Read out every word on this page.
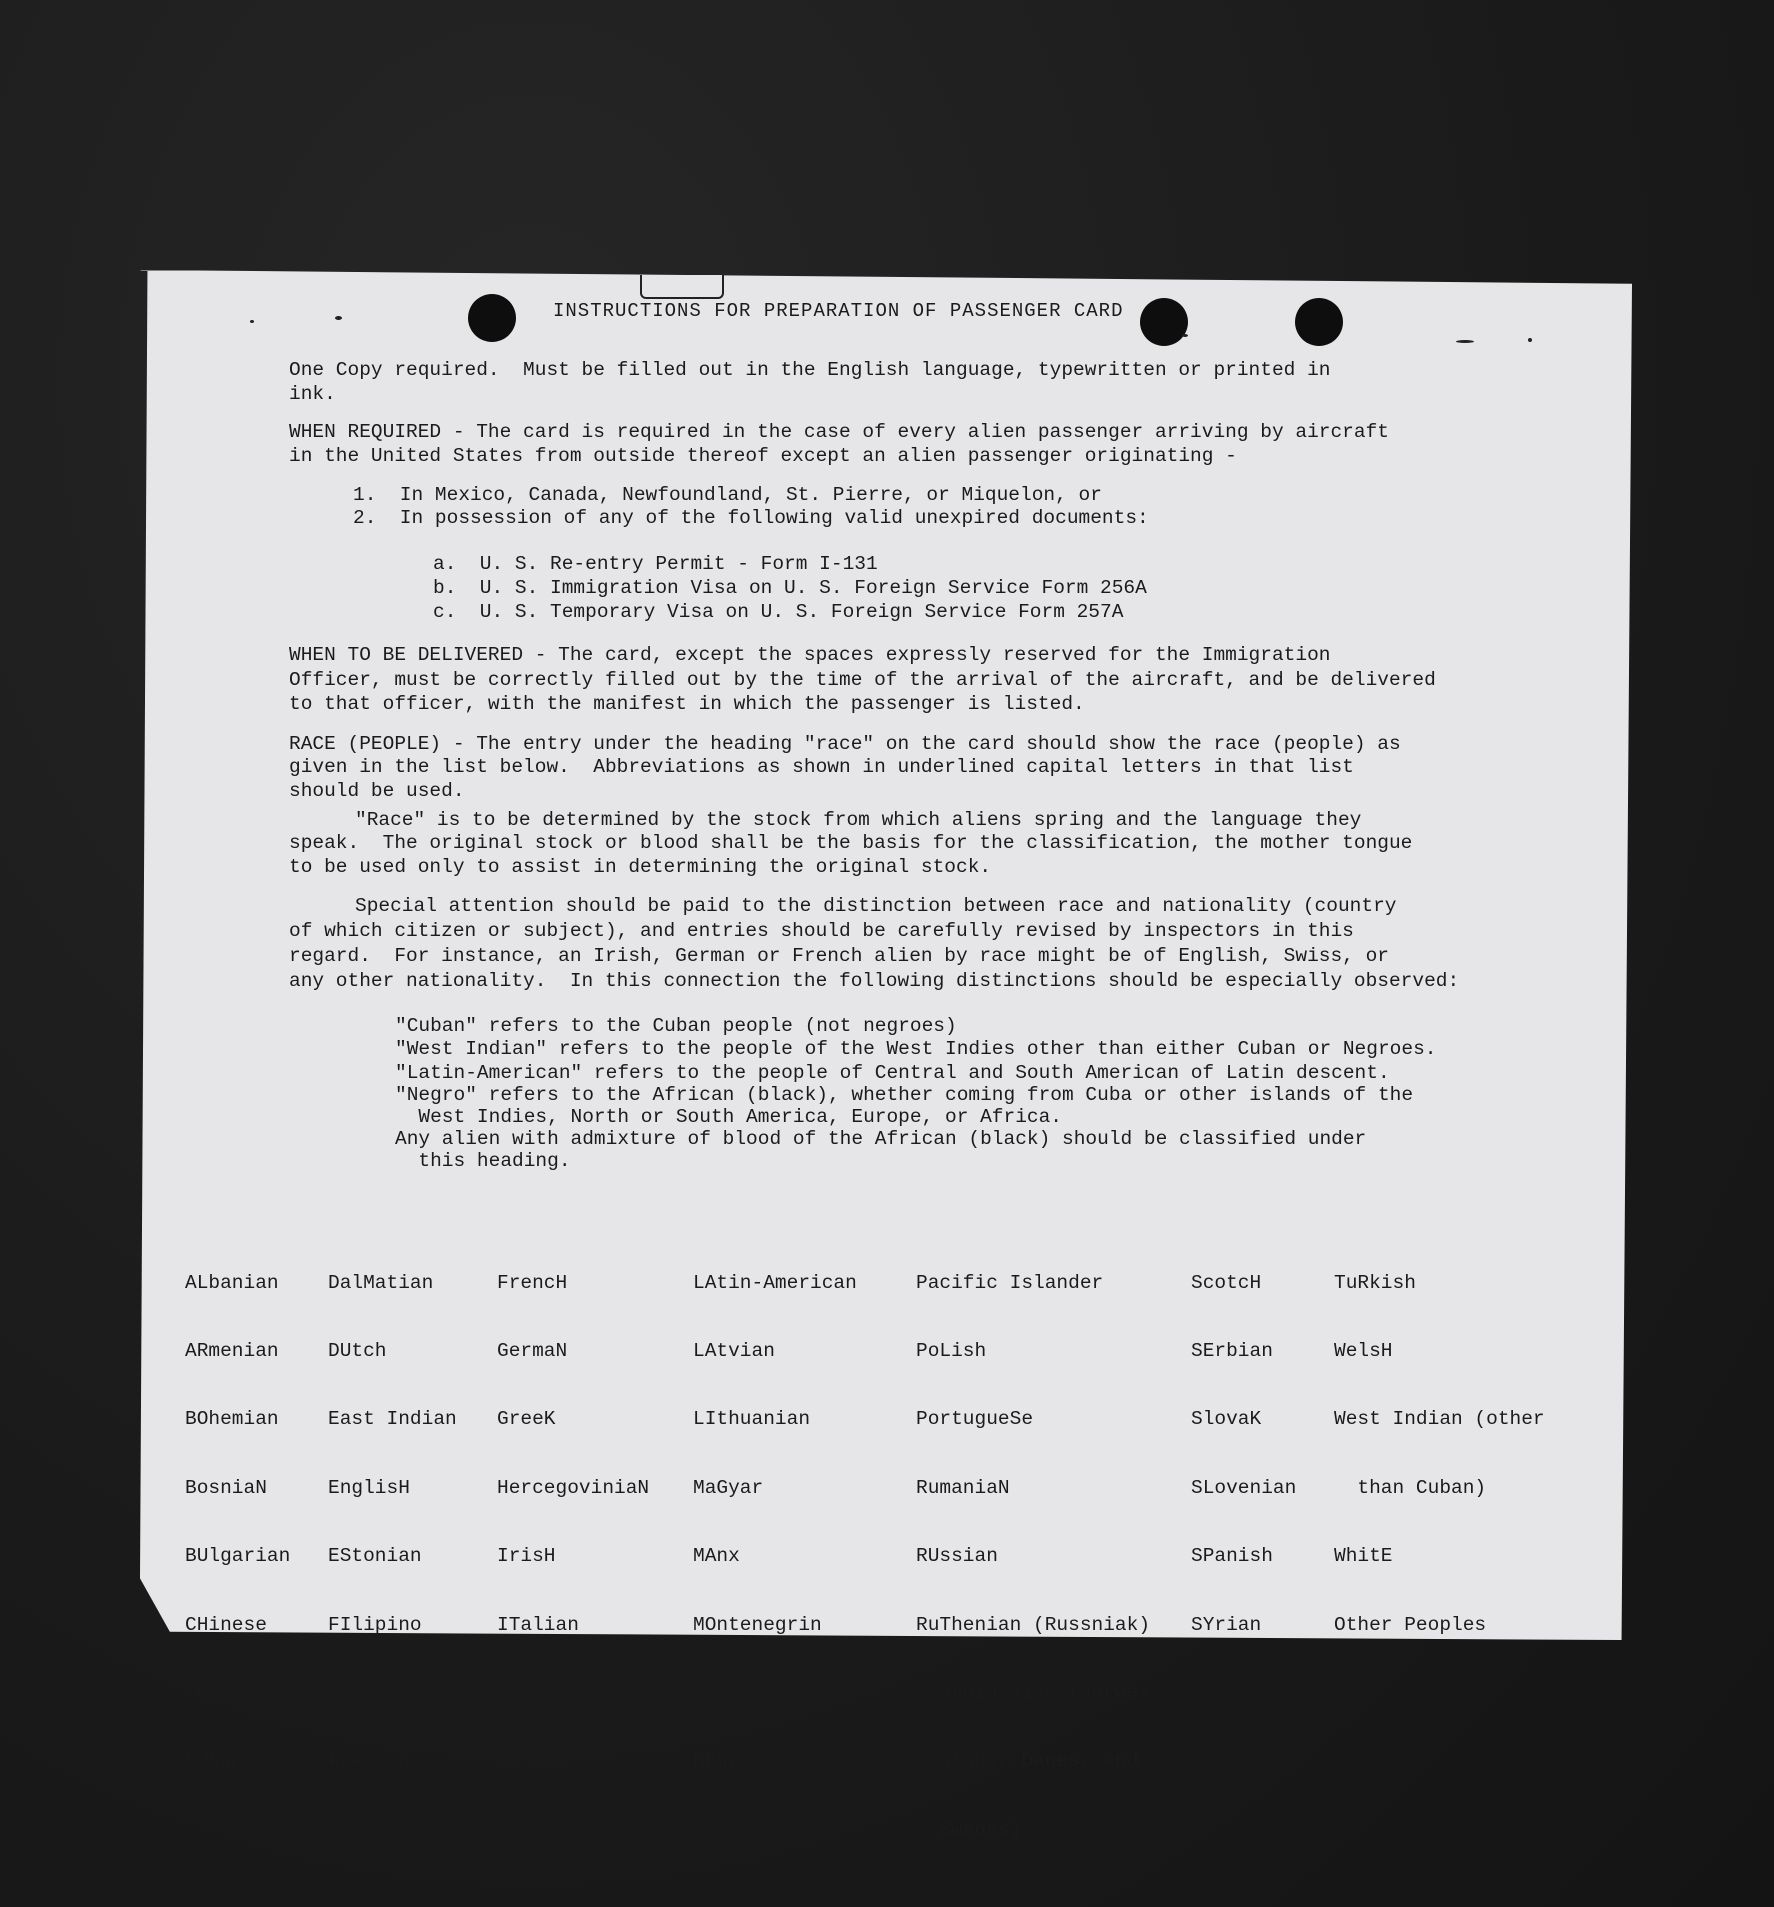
INSTRUCTIONS FOR PREPARATION OF PASSENGER CARD
One Copy required.  Must be filled out in the English language, typewritten or printed in
ink.
WHEN REQUIRED - The card is required in the case of every alien passenger arriving by aircraft
in the United States from outside thereof except an alien passenger originating -
1.  In Mexico, Canada, Newfoundland, St. Pierre, or Miquelon, or
2.  In possession of any of the following valid unexpired documents:
a.  U. S. Re-entry Permit - Form I-131
b.  U. S. Immigration Visa on U. S. Foreign Service Form 256A
c.  U. S. Temporary Visa on U. S. Foreign Service Form 257A
WHEN TO BE DELIVERED - The card, except the spaces expressly reserved for the Immigration
Officer, must be correctly filled out by the time of the arrival of the aircraft, and be delivered
to that officer, with the manifest in which the passenger is listed.
RACE (PEOPLE) - The entry under the heading "race" on the card should show the race (people) as
given in the list below.  Abbreviations as shown in underlined capital letters in that list
should be used.
"Race" is to be determined by the stock from which aliens spring and the language they
speak.  The original stock or blood shall be the basis for the classification, the mother tongue
to be used only to assist in determining the original stock.
Special attention should be paid to the distinction between race and nationality (country
of which citizen or subject), and entries should be carefully revised by inspectors in this
regard.  For instance, an Irish, German or French alien by race might be of English, Swiss, or
any other nationality.  In this connection the following distinctions should be especially observed:
"Cuban" refers to the Cuban people (not negroes)
"West Indian" refers to the people of the West Indies other than either Cuban or Negroes.
"Latin-American" refers to the people of Central and South American of Latin descent.
"Negro" refers to the African (black), whether coming from Cuba or other islands of the
West Indies, North or South America, Europe, or Africa.
Any alien with admixture of blood of the African (black) should be classified under
this heading.

ALbanian

ARmenian

BOhemian

BosniaN

BUlgarian

CHinese

CRoatian

CUban

DalMatian

DUtch

East Indian

EnglisH

EStonian

FIlipino

FINish

FLemish

FrencH

GermaN

GreeK

HercegoviniaN

IrisH

ITalian

JaPanese

KoreaN

LAtin-American

LAtvian

LIthuanian

MaGyar

MAnx

MOntenegrin

MoraviaN

NEgro

Pacific Islander

PoLish

PortugueSe

RumaniaN

RUssian

RuThenian (Russniak)

ScandinaviaN (Norwe-

gians, Danes, and

Swedes)

ScotcH

SErbian

SlovaK

SLovenian

SPanish

SYrian

TuRkish

WelsH

West Indian (other

than Cuban)

WhitE

Other Peoples
